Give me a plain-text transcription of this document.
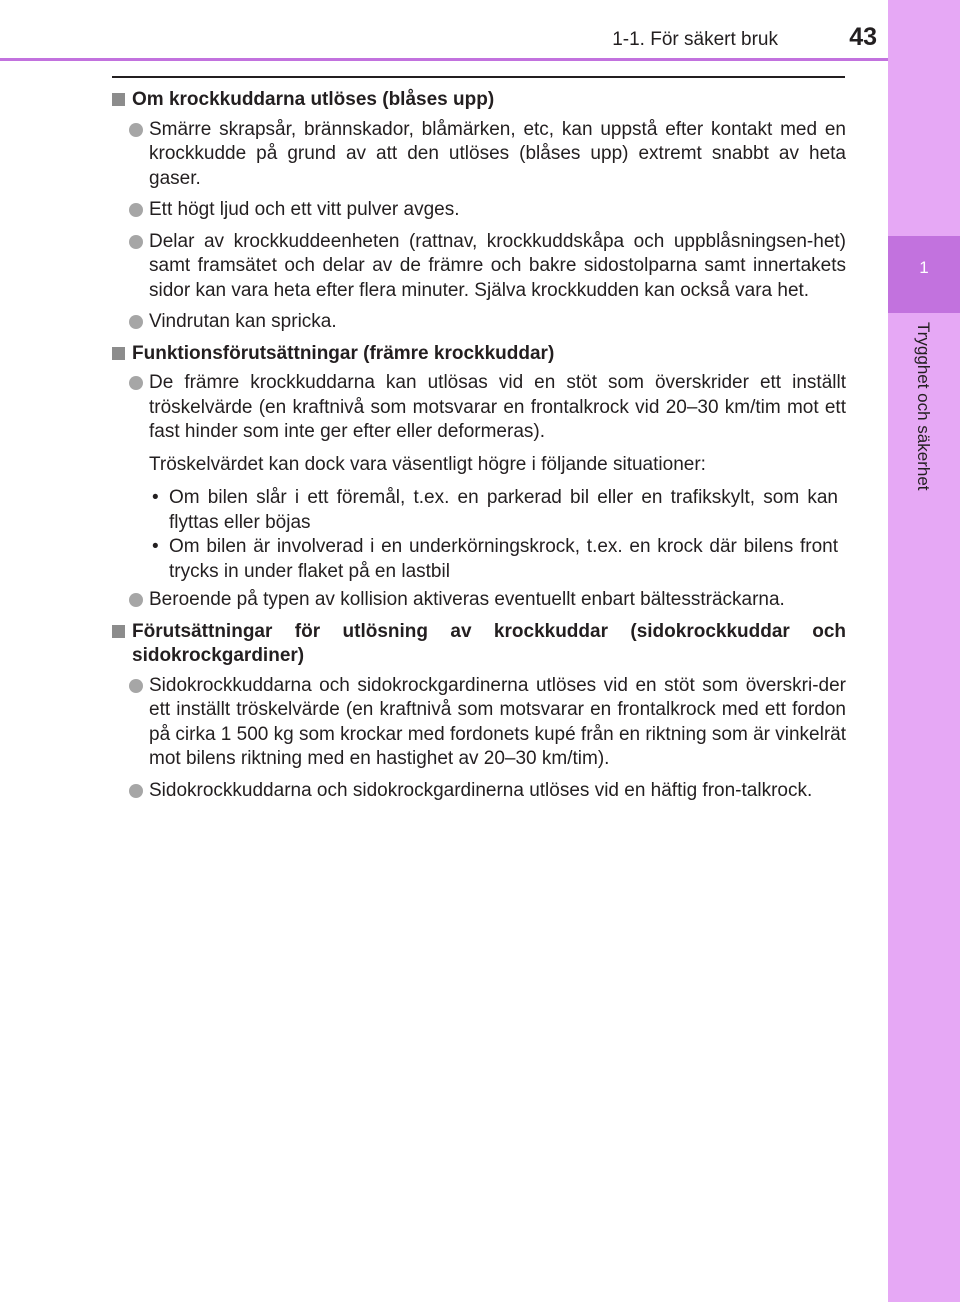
1
Trygghet och säkerhet
1-1. För säkert bruk	43
Om krockkuddarna utlöses (blåses upp)
Smärre skrapsår, brännskador, blåmärken, etc, kan uppstå efter kontakt med en krockkudde på grund av att den utlöses (blåses upp) extremt snabbt av heta gaser.
Ett högt ljud och ett vitt pulver avges.
Delar av krockkuddeenheten (rattnav, krockkuddskåpa och uppblåsningsen-het) samt framsätet och delar av de främre och bakre sidostolparna samt innertakets sidor kan vara heta efter flera minuter. Själva krockkudden kan också vara het.
Vindrutan kan spricka.
Funktionsförutsättningar (främre krockkuddar)
De främre krockkuddarna kan utlösas vid en stöt som överskrider ett inställt tröskelvärde (en kraftnivå som motsvarar en frontalkrock vid 20–30 km/tim mot ett fast hinder som inte ger efter eller deformeras).
Tröskelvärdet kan dock vara väsentligt högre i följande situationer:
• Om bilen slår i ett föremål, t.ex. en parkerad bil eller en trafikskylt, som kan flyttas eller böjas
• Om bilen är involverad i en underkörningskrock, t.ex. en krock där bilens front trycks in under flaket på en lastbil
Beroende på typen av kollision aktiveras eventuellt enbart bältessträckarna.
Förutsättningar för utlösning av krockkuddar (sidokrockkuddar och sidokrockgardiner)
Sidokrockkuddarna och sidokrockgardinerna utlöses vid en stöt som överskri-der ett inställt tröskelvärde (en kraftnivå som motsvarar en frontalkrock med ett fordon på cirka 1 500 kg som krockar med fordonets kupé från en riktning som är vinkelrät mot bilens riktning med en hastighet av 20–30 km/tim).
Sidokrockkuddarna och sidokrockgardinerna utlöses vid en häftig fron-talkrock.
